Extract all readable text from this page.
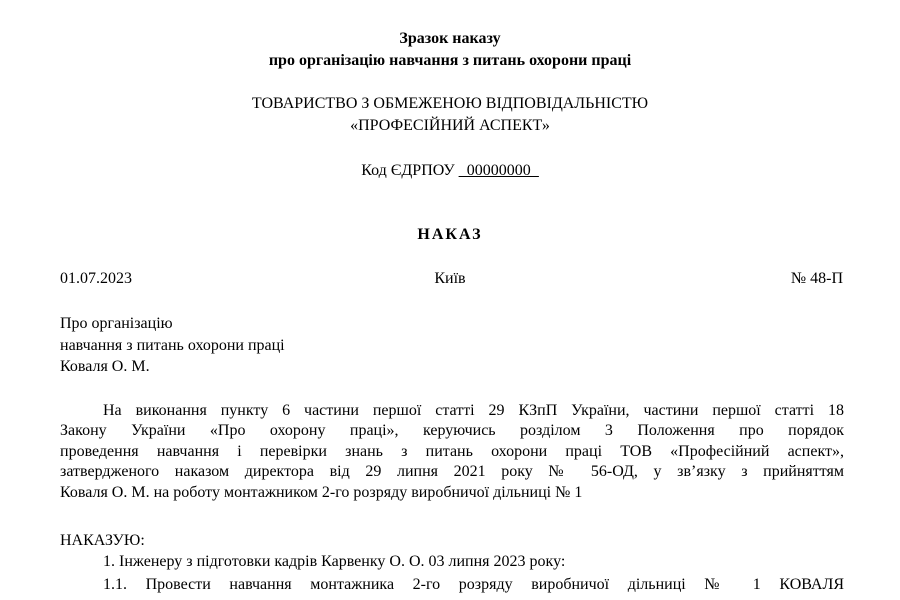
Зразок наказу
про організацію навчання з питань охорони праці
ТОВАРИСТВО З ОБМЕЖЕНОЮ ВІДПОВІДАЛЬНІСТЮ
«ПРОФЕСІЙНИЙ АСПЕКТ»
Код ЄДРПОУ _00000000_
НАКАЗ
01.07.2023	Київ	№ 48-П
Про організацію
навчання з питань охорони праці
Коваля О. М.
На виконання пункту 6 частини першої статті 29 КЗпП України, частини першої статті 18
Закону України «Про охорону праці», керуючись розділом 3 Положення про порядок
проведення навчання і перевірки знань з питань охорони праці ТОВ «Професійний аспект»,
затвердженого наказом директора від 29 липня 2021 року № 56-ОД, у зв’язку з прийняттям
Коваля О. М. на роботу монтажником 2-го розряду виробничої дільниці № 1
НАКАЗУЮ:
1. Інженеру з підготовки кадрів Карвенку О. О. 03 липня 2023 року:
1.1. Провести навчання монтажника 2-го розряду виробничої дільниці № 1 КОВАЛЯ
